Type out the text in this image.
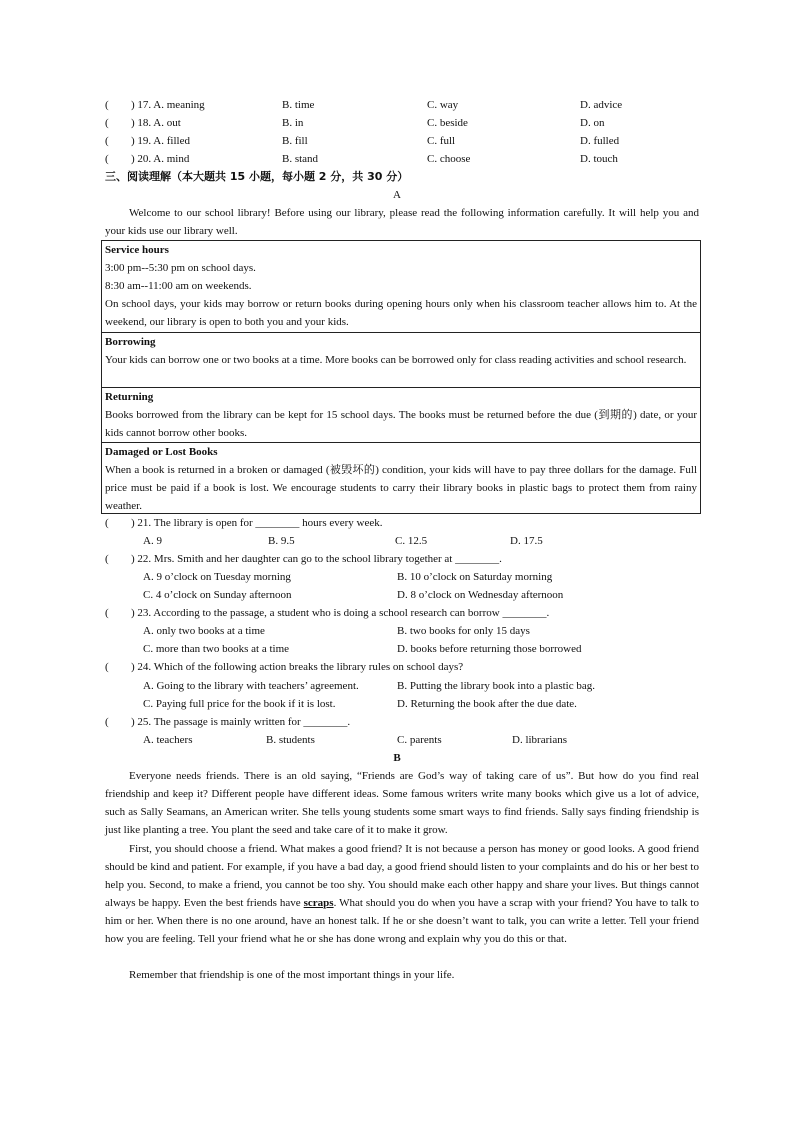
( ) 17. A. meaning	B. time	C. way	D. advice
( ) 18. A. out	B. in	C. beside	D. on
( ) 19. A. filled	B. fill	C. full	D. fulled
( ) 20. A. mind	B. stand	C. choose	D. touch
三、阅读理解（本大题共 15 小题，每小题 2 分，共 30 分）
A

Welcome to our school library! Before using our library, please read the following information carefully. It will help you and your kids use our library well.

Service hours
3:00 pm--5:30 pm on school days.
8:30 am--11:00 am on weekends.
On school days, your kids may borrow or return books during opening hours only when his classroom teacher allows him to. At the weekend, our library is open to both you and your kids.
Borrowing
Your kids can borrow one or two books at a time. More books can be borrowed only for class reading activities and school research.
Returning
Books borrowed from the library can be kept for 15 school days. The books must be returned before the due (到期的) date, or your kids cannot borrow other books.
Damaged or Lost Books
When a book is returned in a broken or damaged (被毁坏的) condition, your kids will have to pay three dollars for the damage. Full price must be paid if a book is lost. We encourage students to carry their library books in plastic bags to protect them from rainy weather.
( ) 21. The library is open for ________ hours every week.
A. 9	B. 9.5	C. 12.5	D. 17.5
( ) 22. Mrs. Smith and her daughter can go to the school library together at ________.
A. 9 o’clock on Tuesday morning	B. 10 o’clock on Saturday morning
C. 4 o’clock on Sunday afternoon	D. 8 o’clock on Wednesday afternoon
( ) 23. According to the passage, a student who is doing a school research can borrow ________.
A. only two books at a time	B. two books for only 15 days
C. more than two books at a time	D. books before returning those borrowed
( ) 24. Which of the following action breaks the library rules on school days?
A. Going to the library with teachers’ agreement.	B. Putting the library book into a plastic bag.
C. Paying full price for the book if it is lost.	D. Returning the book after the due date.
( ) 25. The passage is mainly written for ________.
A. teachers	B. students	C. parents	D. librarians
B

Everyone needs friends. There is an old saying, “Friends are God’s way of taking care of us”. But how do you find real friendship and keep it? Different people have different ideas. Some famous writers write many books which give us a lot of advice, such as Sally Seamans, an American writer. She tells young students some smart ways to find friends. Sally says finding friendship is just like planting a tree. You plant the seed and take care of it to make it grow.

First, you should choose a friend. What makes a good friend? It is not because a person has money or good looks. A good friend should be kind and patient. For example, if you have a bad day, a good friend should listen to your complaints and do his or her best to help you. Second, to make a friend, you cannot be too shy. You should make each other happy and share your lives. But things cannot always be happy. Even the best friends have scraps. What should you do when you have a scrap with your friend? You have to talk to him or her. When there is no one around, have an honest talk. If he or she doesn’t want to talk, you can write a letter. Tell your friend how you are feeling. Tell your friend what he or she has done wrong and explain why you do this or that.

Remember that friendship is one of the most important things in your life.
